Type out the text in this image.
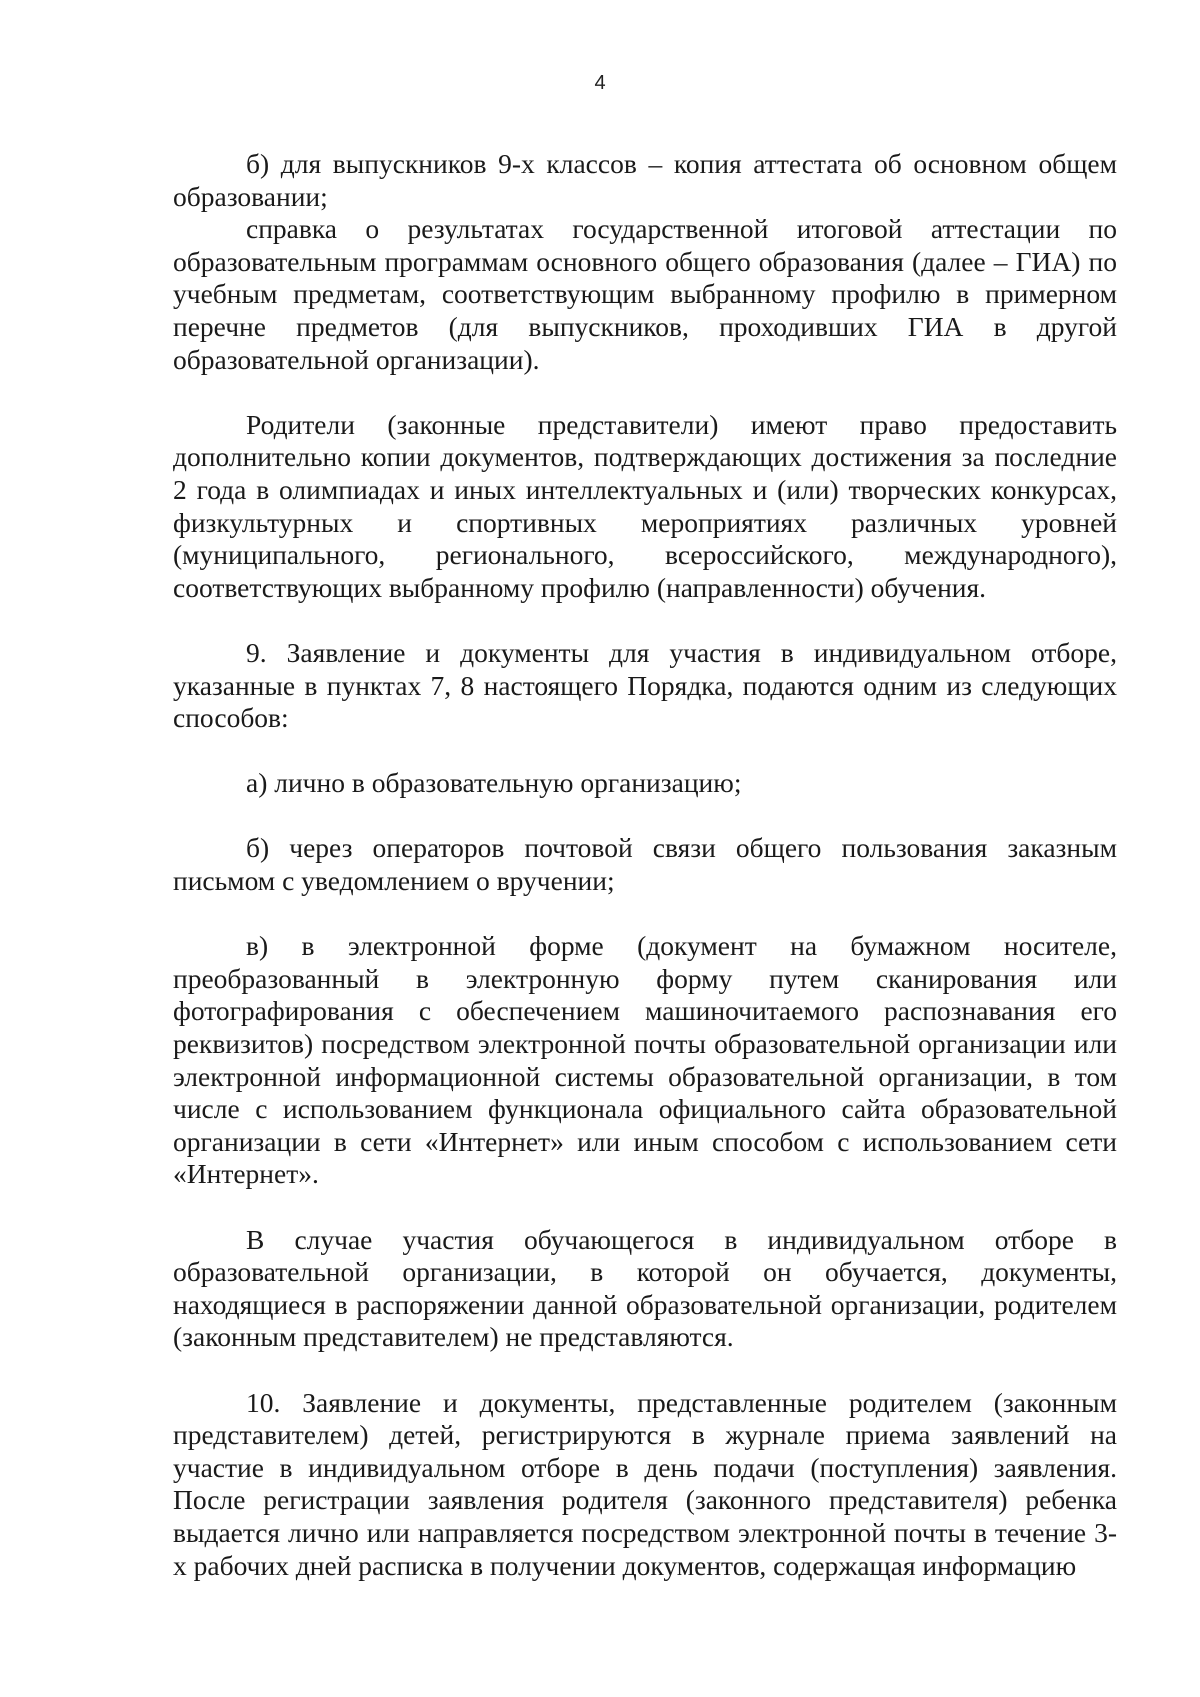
4

б) для выпускников 9-х классов – копия аттестата об основном общем образовании;

справка о результатах государственной итоговой аттестации по образовательным программам основного общего образования (далее – ГИА) по учебным предметам, соответствующим выбранному профилю в примерном перечне предметов (для выпускников, проходивших ГИА в другой образовательной организации).

Родители (законные представители) имеют право предоставить дополнительно копии документов, подтверждающих достижения за последние 2 года в олимпиадах и иных интеллектуальных и (или) творческих конкурсах, физкультурных и спортивных мероприятиях различных уровней (муниципального, регионального, всероссийского, международного), соответствующих выбранному профилю (направленности) обучения.

9. Заявление и документы для участия в индивидуальном отборе, указанные в пунктах 7, 8 настоящего Порядка, подаются одним из следующих способов:

а) лично в образовательную организацию;

б) через операторов почтовой связи общего пользования заказным письмом с уведомлением о вручении;

в) в электронной форме (документ на бумажном носителе, преобразованный в электронную форму путем сканирования или фотографирования с обеспечением машиночитаемого распознавания его реквизитов) посредством электронной почты образовательной организации или электронной информационной системы образовательной организации, в том числе с использованием функционала официального сайта образовательной организации в сети «Интернет» или иным способом с использованием сети «Интернет».

В случае участия обучающегося в индивидуальном отборе в образовательной организации, в которой он обучается, документы, находящиеся в распоряжении данной образовательной организации, родителем (законным представителем) не представляются.

10. Заявление и документы, представленные родителем (законным представителем) детей, регистрируются в журнале приема заявлений на участие в индивидуальном отборе в день подачи (поступления) заявления. После регистрации заявления родителя (законного представителя) ребенка выдается лично или направляется посредством электронной почты в течение 3-х рабочих дней расписка в получении документов, содержащая информацию
